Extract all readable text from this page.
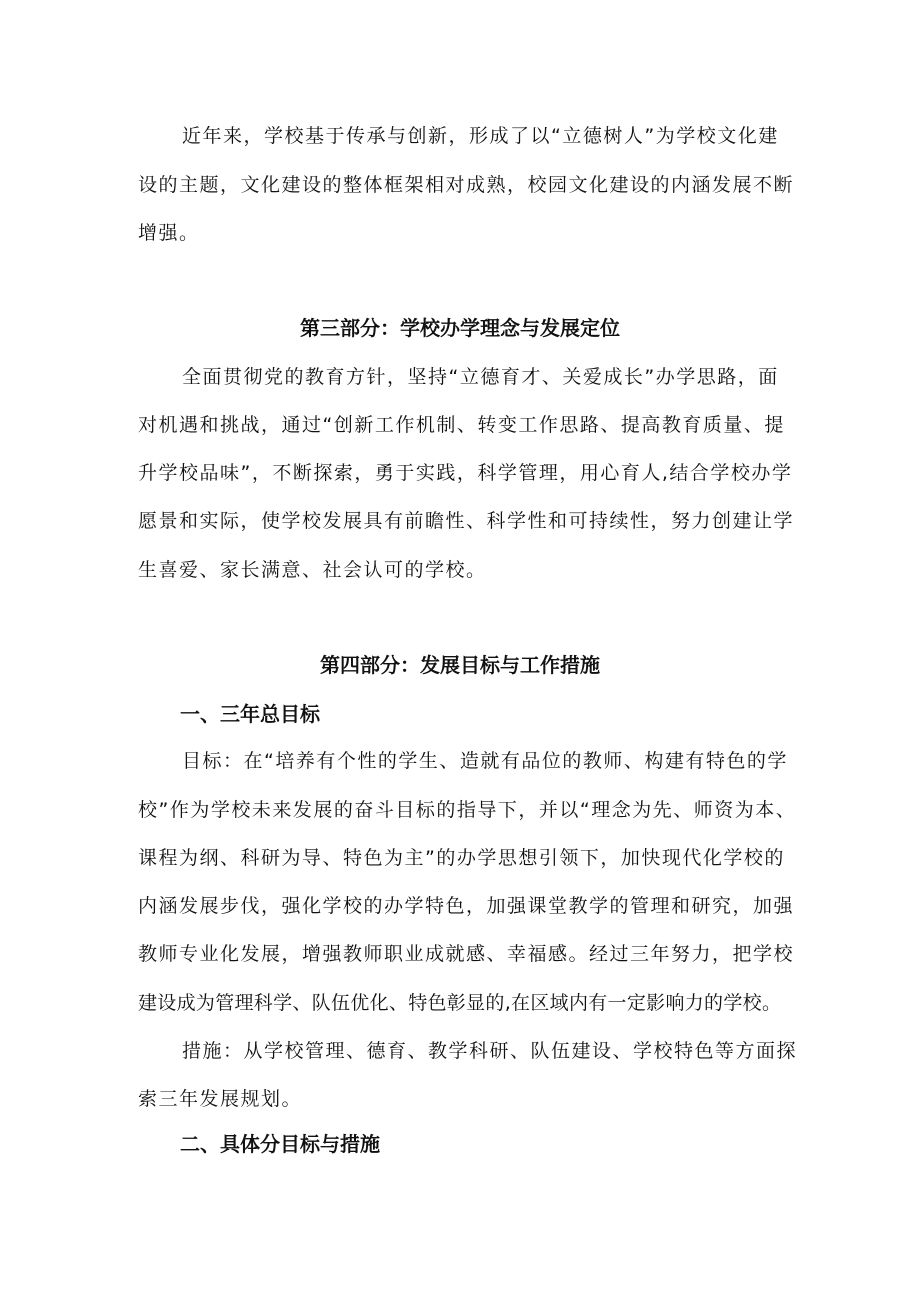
近年来，学校基于传承与创新，形成了以“立德树人”为学校文化建
设的主题，文化建设的整体框架相对成熟，校园文化建设的内涵发展不断
增强。
第三部分：学校办学理念与发展定位
全面贯彻党的教育方针，坚持“立德育才、关爱成长”办学思路，面
对机遇和挑战，通过“创新工作机制、转变工作思路、提高教育质量、提
升学校品味”，不断探索，勇于实践，科学管理，用心育人,结合学校办学
愿景和实际，使学校发展具有前瞻性、科学性和可持续性，努力创建让学
生喜爱、家长满意、社会认可的学校。
第四部分：发展目标与工作措施
一、三年总目标
目标：在“培养有个性的学生、造就有品位的教师、构建有特色的学
校”作为学校未来发展的奋斗目标的指导下，并以“理念为先、师资为本、
课程为纲、科研为导、特色为主”的办学思想引领下，加快现代化学校的
内涵发展步伐，强化学校的办学特色，加强课堂教学的管理和研究，加强
教师专业化发展，增强教师职业成就感、幸福感。经过三年努力，把学校
建设成为管理科学、队伍优化、特色彰显的,在区域内有一定影响力的学校。
措施：从学校管理、德育、教学科研、队伍建设、学校特色等方面探
索三年发展规划。
二、具体分目标与措施
